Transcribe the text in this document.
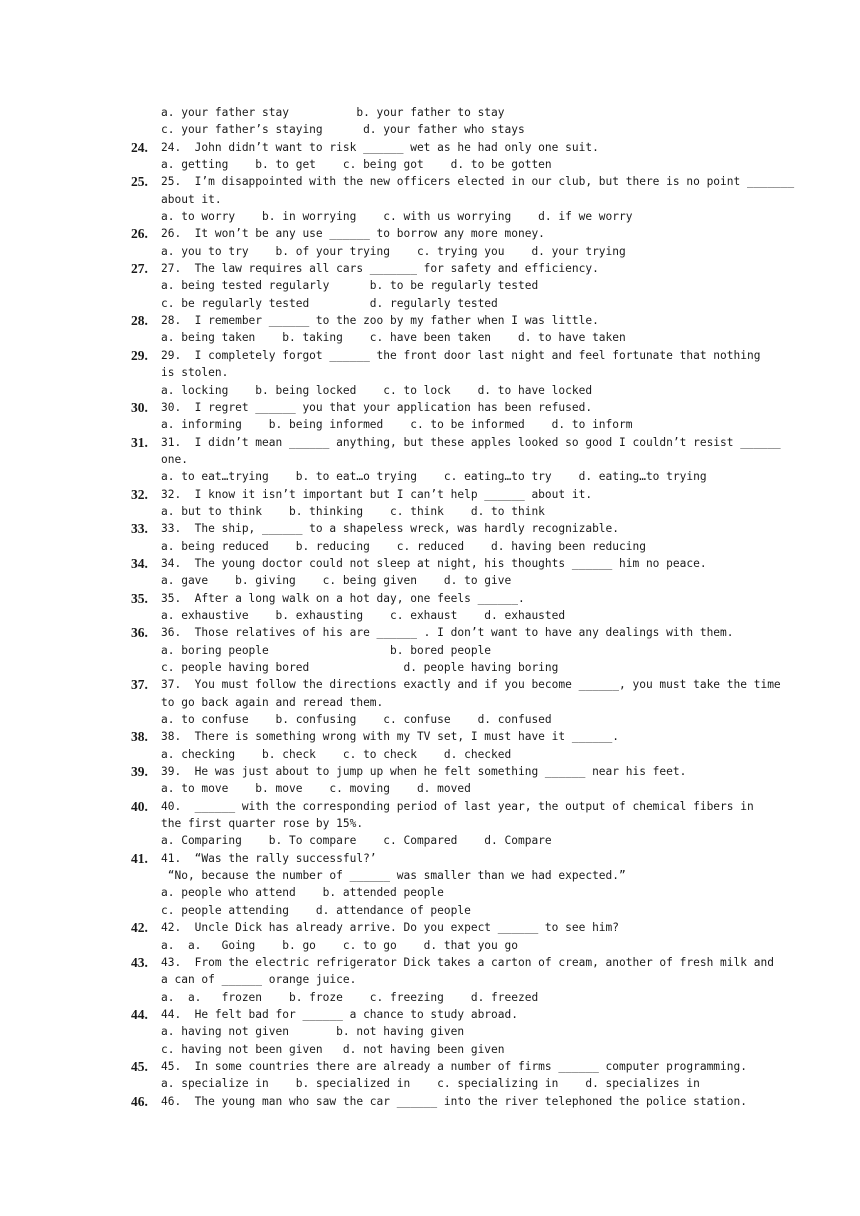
a. your father stay          b. your father to stay
c. your father’s staying      d. your father who stays
24. 24.  John didn’t want to risk ______ wet as he had only one suit.
a. getting    b. to get    c. being got    d. to be gotten
25. 25.  I’m disappointed with the new officers elected in our club, but there is no point _______
about it.
a. to worry    b. in worrying    c. with us worrying    d. if we worry
26. 26.  It won’t be any use ______ to borrow any more money.
a. you to try    b. of your trying    c. trying you    d. your trying
27. 27.  The law requires all cars _______ for safety and efficiency.
a. being tested regularly      b. to be regularly tested
c. be regularly tested         d. regularly tested
28. 28.  I remember ______ to the zoo by my father when I was little.
a. being taken    b. taking    c. have been taken    d. to have taken
29. 29.  I completely forgot ______ the front door last night and feel fortunate that nothing
is stolen.
a. locking    b. being locked    c. to lock    d. to have locked
30. 30.  I regret ______ you that your application has been refused.
a. informing    b. being informed    c. to be informed    d. to inform
31. 31.  I didn’t mean ______ anything, but these apples looked so good I couldn’t resist ______
one.
a. to eat…trying    b. to eat…o trying    c. eating…to try    d. eating…to trying
32. 32.  I know it isn’t important but I can’t help ______ about it.
a. but to think    b. thinking    c. think    d. to think
33. 33.  The ship, ______ to a shapeless wreck, was hardly recognizable.
a. being reduced    b. reducing    c. reduced    d. having been reducing
34. 34.  The young doctor could not sleep at night, his thoughts ______ him no peace.
a. gave    b. giving    c. being given    d. to give
35. 35.  After a long walk on a hot day, one feels ______.
a. exhaustive    b. exhausting    c. exhaust    d. exhausted
36. 36.  Those relatives of his are ______ . I don’t want to have any dealings with them.
a. boring people                  b. bored people
c. people having bored              d. people having boring
37. 37.  You must follow the directions exactly and if you become ______, you must take the time
to go back again and reread them.
a. to confuse    b. confusing    c. confuse    d. confused
38. 38.  There is something wrong with my TV set, I must have it ______.
a. checking    b. check    c. to check    d. checked
39. 39.  He was just about to jump up when he felt something ______ near his feet.
a. to move    b. move    c. moving    d. moved
40. 40.  ______ with the corresponding period of last year, the output of chemical fibers in
the first quarter rose by 15%.
a. Comparing    b. To compare    c. Compared    d. Compare
41. 41.  “Was the rally successful?’
“No, because the number of ______ was smaller than we had expected.”
a. people who attend    b. attended people
c. people attending    d. attendance of people
42. 42.  Uncle Dick has already arrive. Do you expect ______ to see him?
a.  a.   Going    b. go    c. to go    d. that you go
43. 43.  From the electric refrigerator Dick takes a carton of cream, another of fresh milk and
a can of ______ orange juice.
a.  a.   frozen    b. froze    c. freezing    d. freezed
44. 44.  He felt bad for ______ a chance to study abroad.
a. having not given       b. not having given
c. having not been given   d. not having been given
45. 45.  In some countries there are already a number of firms ______ computer programming.
a. specialize in    b. specialized in    c. specializing in    d. specializes in
46. 46.  The young man who saw the car ______ into the river telephoned the police station.
